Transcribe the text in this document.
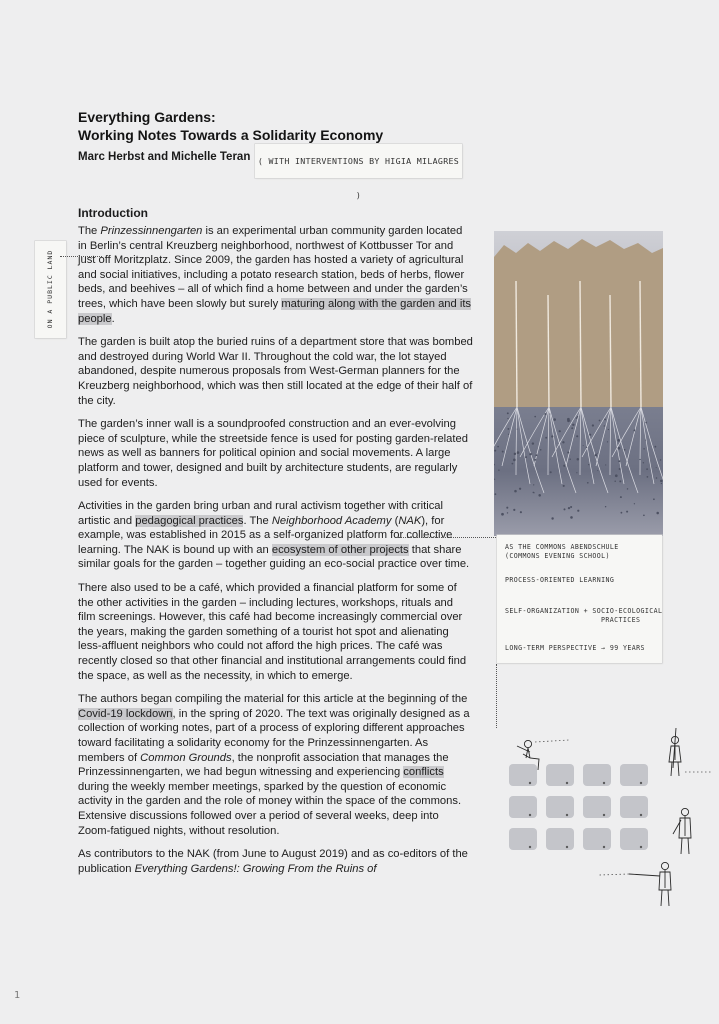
Everything Gardens:
Working Notes Towards a Solidarity Economy
Marc Herbst and Michelle Teran ( WITH INTERVENTIONS BY HIGIA MILAGRES )
ON A PUBLIC LAND
Introduction

The Prinzessinnengarten is an experimental urban community garden located in Berlin’s central Kreuzberg neighborhood, northwest of Kottbusser Tor and just off Moritzplatz. Since 2009, the garden has hosted a variety of agricultural and social initiatives, including a potato research station, beds of herbs, flower beds, and beehives – all of which find a home between and under the garden’s trees, which have been slowly but surely maturing along with the garden and its people.

The garden is built atop the buried ruins of a department store that was bombed and destroyed during World War II. Throughout the cold war, the lot stayed abandoned, despite numerous proposals from West-German planners for the Kreuzberg neighborhood, which was then still located at the edge of their half of the city.

The garden’s inner wall is a soundproofed construction and an ever-evolving piece of sculpture, while the streetside fence is used for posting garden-related news as well as banners for political opinion and social movements. A large platform and tower, designed and built by architecture students, are regularly used for events.

Activities in the garden bring urban and rural activism together with critical artistic and pedagogical practices. The Neighborhood Academy (NAK), for example, was established in 2015 as a self-organized platform for collective learning. The NAK is bound up with an ecosystem of other projects that share similar goals for the garden – together guiding an eco-social practice over time.

There also used to be a café, which provided a financial platform for some of the other activities in the garden – including lectures, workshops, rituals and film screenings. However, this café had become increasingly commercial over the years, making the garden something of a tourist hot spot and alienating less-affluent neighbors who could not afford the high prices. The café was recently closed so that other financial and institutional arrangements could find the space, as well as the necessity, in which to emerge.

The authors began compiling the material for this article at the beginning of the Covid-19 lockdown, in the spring of 2020. The text was originally designed as a collection of working notes, part of a process of exploring different approaches toward facilitating a solidarity economy for the Prinzessinnengarten. As members of Common Grounds, the nonprofit association that manages the Prinzessinnengarten, we had begun witnessing and experiencing conflicts during the weekly member meetings, sparked by the question of economic activity in the garden and the role of money within the space of the commons. Extensive discussions followed over a period of several weeks, deep into Zoom-fatigued nights, without resolution.

As contributors to the NAK (from June to August 2019) and as co-editors of the publication Everything Gardens!: Growing From the Ruins of

AS THE COMMONS ABENDSCHULE
(COMMONS EVENING SCHOOL)
PROCESS-ORIENTED LEARNING
SELF-ORGANIZATION + SOCIO-ECOLOGICAL
PRACTICES
LONG-TERM PERSPECTIVE → 99 YEARS
1
